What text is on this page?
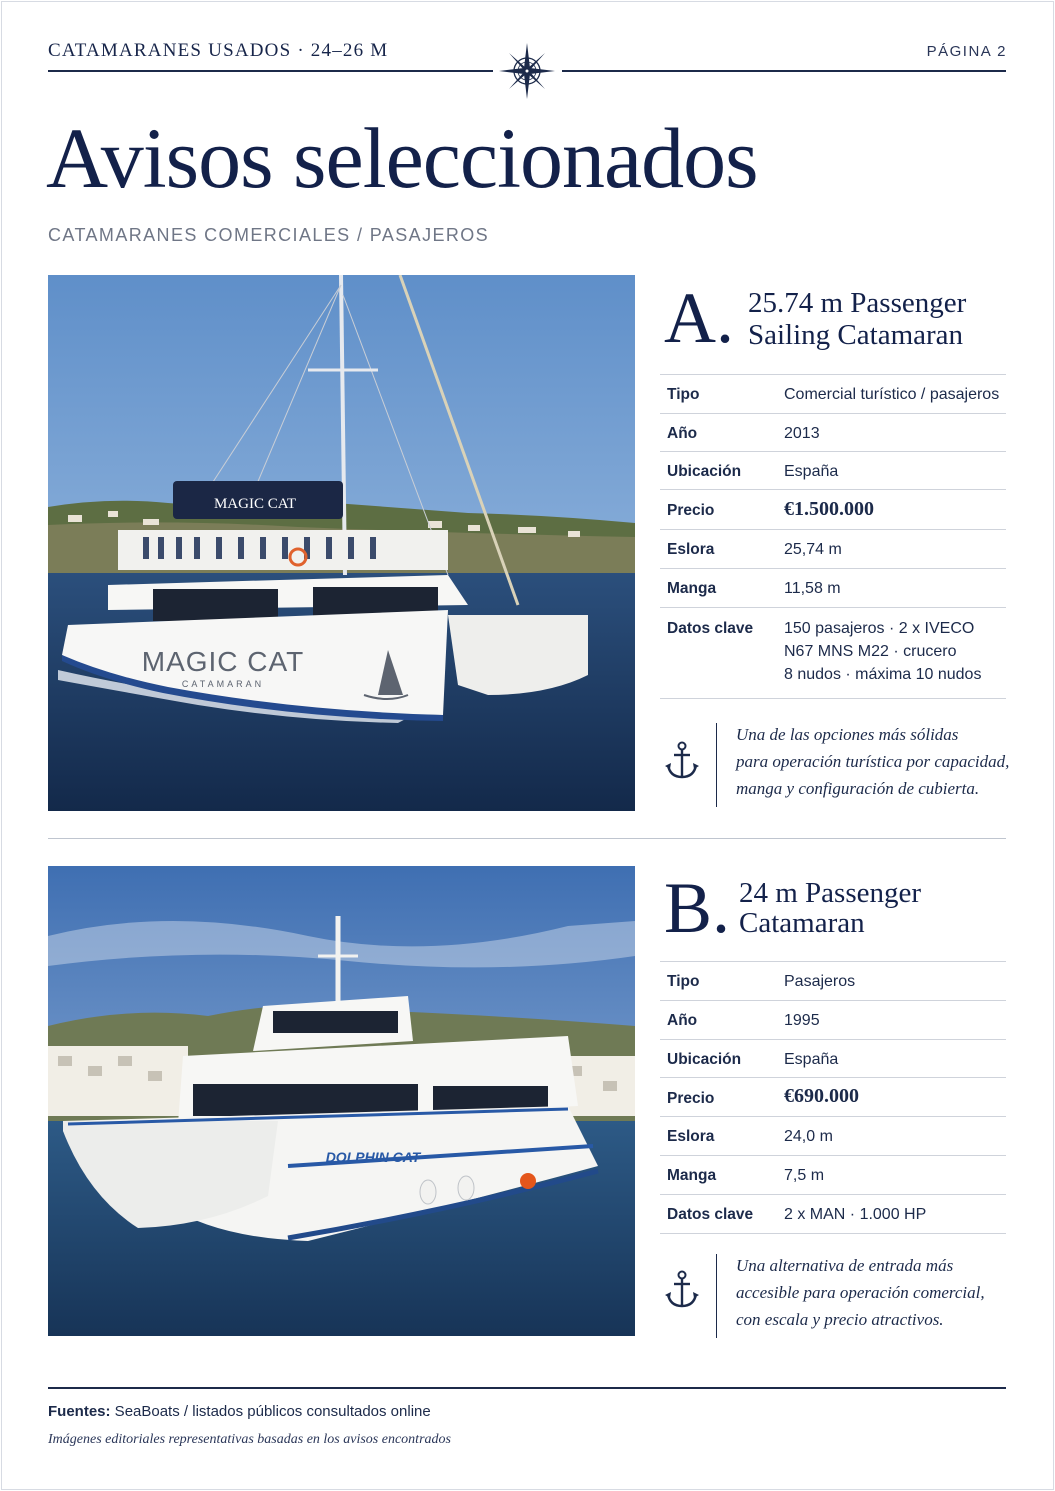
CATAMARANES USADOS · 24–26 M	PÁGINA 2
Avisos seleccionados
CATAMARANES COMERCIALES / PASAJEROS
MAGIC CAT
MAGIC CAT
CATAMARAN
A. 25.74 m Passenger
Sailing Catamaran
Tipo	Comercial turístico / pasajeros
Año	2013
Ubicación	España
Precio	€1.500.000
Eslora	25,74 m
Manga	11,58 m
Datos clave	150 pasajeros · 2 x IVECO
N67 MNS M22 · crucero
8 nudos · máxima 10 nudos
Una de las opciones más sólidas
para operación turística por capacidad,
manga y configuración de cubierta.
DOLPHIN CAT
B. 24 m Passenger
Catamaran
Tipo	Pasajeros
Año	1995
Ubicación	España
Precio	€690.000
Eslora	24,0 m
Manga	7,5 m
Datos clave	2 x MAN · 1.000 HP
Una alternativa de entrada más
accesible para operación comercial,
con escala y precio atractivos.
Fuentes: SeaBoats / listados públicos consultados online
Imágenes editoriales representativas basadas en los avisos encontrados
